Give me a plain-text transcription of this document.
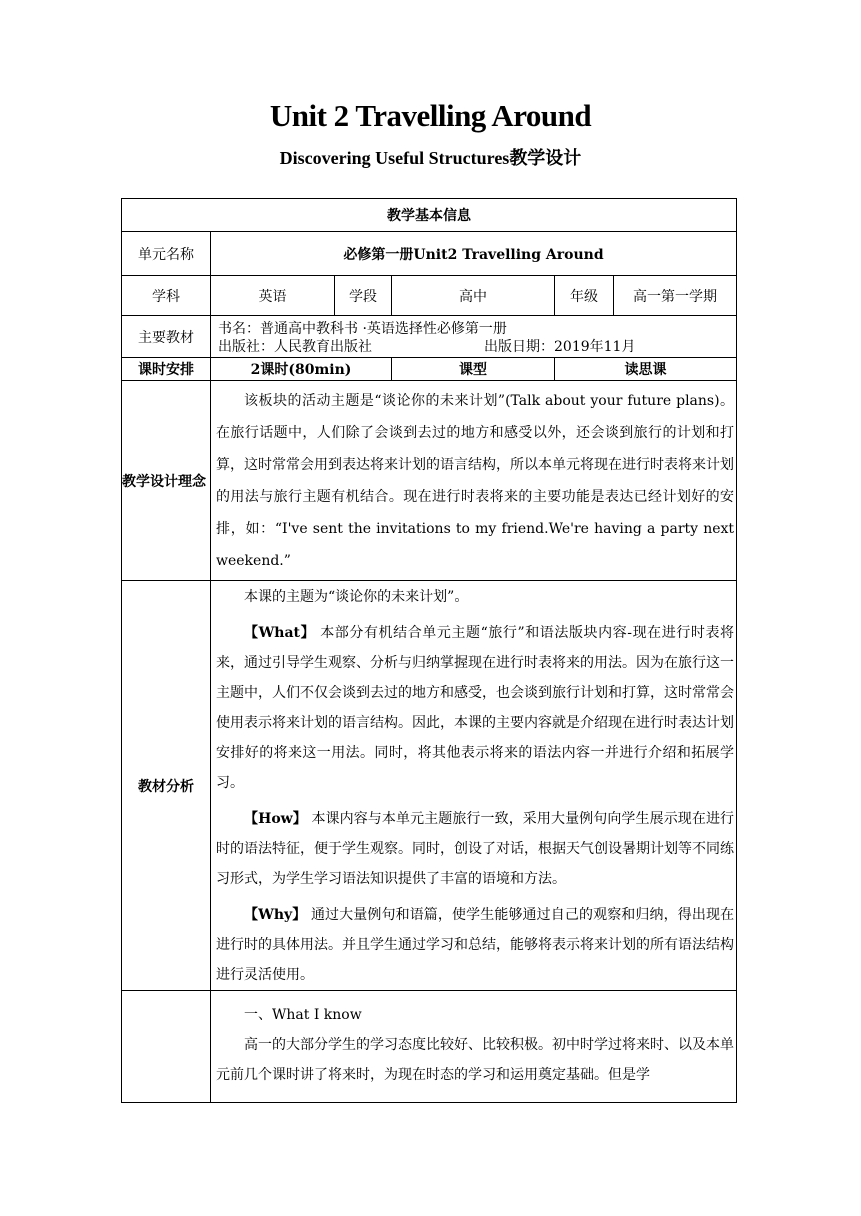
Unit 2 Travelling Around
Discovering Useful Structures教学设计
教学基本信息					
单元名称	必修第一册Unit2 Travelling Around				
学科	英语	学段	高中	年级	高一第一学期
主要教材	书名：普通高中教科书 ·英语选择性必修第一册
出版社：人民教育出版社 出版日期：2019年11月				

课时安排	2课时(80min)		课型	读思课	
教学设计理念	该板块的活动主题是“谈论你的未来计划”(Talk about your future plans)。在旅行话题中，人们除了会谈到去过的地方和感受以外，还会谈到旅行的计划和打算，这时常常会用到表达将来计划的语言结构，所以本单元将现在进行时表将来计划的用法与旅行主题有机结合。现在进行时表将来的主要功能是表达已经计划好的安排，如：“I've sent the invitations to my friend.We're having a party next weekend.”				

教材分析	本课的主题为“谈论你的未来计划”。

【What】 本部分有机结合单元主题“旅行”和语法版块内容-现在进行时表将来，通过引导学生观察、分析与归纳掌握现在进行时表将来的用法。因为在旅行这一主题中，人们不仅会谈到去过的地方和感受，也会谈到旅行计划和打算，这时常常会使用表示将来计划的语言结构。因此，本课的主要内容就是介绍现在进行时表达计划安排好的将来这一用法。同时，将其他表示将来的语法内容一并进行介绍和拓展学习。

【How】 本课内容与本单元主题旅行一致，采用大量例句向学生展示现在进行时的语法特征，便于学生观察。同时，创设了对话，根据天气创设暑期计划等不同练习形式，为学生学习语法知识提供了丰富的语境和方法。

【Why】 通过大量例句和语篇，使学生能够通过自己的观察和归纳，得出现在进行时的具体用法。并且学生通过学习和总结，能够将表示将来计划的所有语法结构进行灵活使用。				

	一、What I know

高一的大部分学生的学习态度比较好、比较积极。初中时学过将来时、以及本单元前几个课时讲了将来时，为现在时态的学习和运用奠定基础。但是学				
